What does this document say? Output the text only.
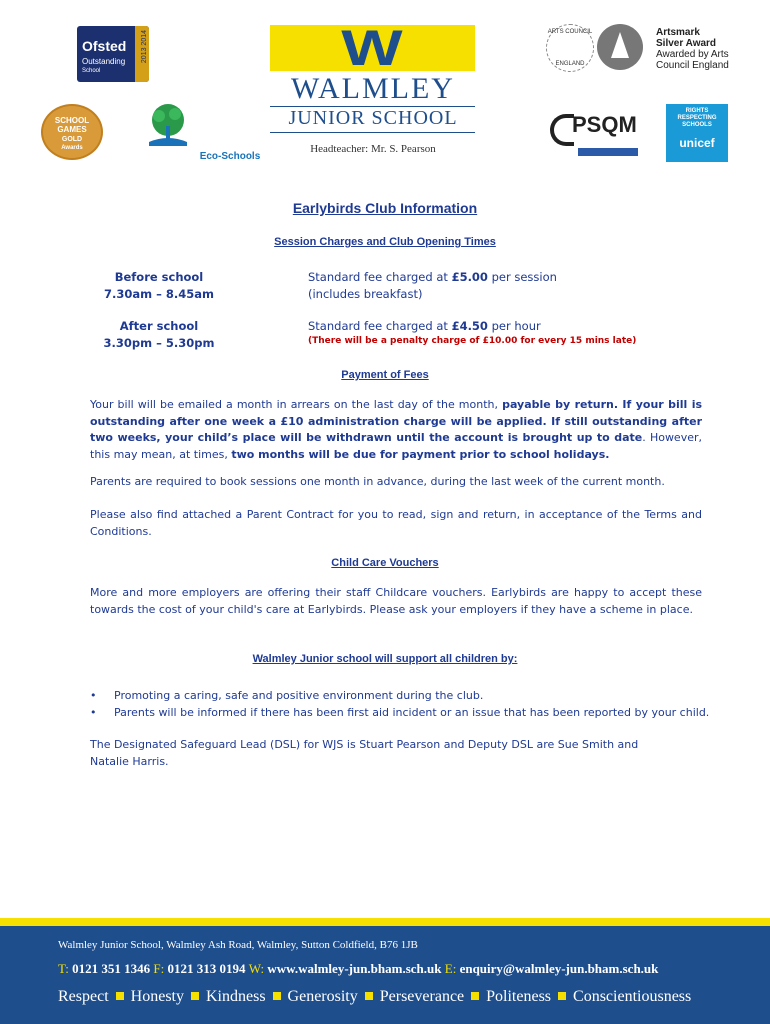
2013 2014
Ofsted
Outstanding
School
SCHOOL
GAMES
GOLD
Awards
Eco-Schools
W
WALMLEY
JUNIOR SCHOOL
Headteacher: Mr. S. Pearson
ARTS COUNCIL
ENGLAND
Artsmark
Silver Award
Awarded by Arts
Council England
PSQM
RIGHTS
RESPECTING
SCHOOLS
unicef
Earlybirds Club Information
Session Charges and Club Opening Times
Before school
7.30am – 8.45am
Standard fee charged at £5.00 per session
(includes breakfast)
After school
3.30pm – 5.30pm
Standard fee charged at £4.50 per hour
(There will be a penalty charge of £10.00 for every 15 mins late)
Payment of Fees
Your bill will be emailed a month in arrears on the last day of the month, payable by return. If your bill is outstanding after one week a £10 administration charge will be applied. If still outstanding after two weeks, your child’s place will be withdrawn until the account is brought up to date. However, this may mean, at times, two months will be due for payment prior to school holidays.
Parents are required to book sessions one month in advance, during the last week of the current month.
Please also find attached a Parent Contract for you to read, sign and return, in acceptance of the Terms and Conditions.
Child Care Vouchers
More and more employers are offering their staff Childcare vouchers. Earlybirds are happy to accept these towards the cost of your child's care at Earlybirds. Please ask your employers if they have a scheme in place.
Walmley Junior school will support all children by:
• Promoting a caring, safe and positive environment during the club.
• Parents will be informed if there has been first aid incident or an issue that has been reported by your child.
The Designated Safeguard Lead (DSL) for WJS is Stuart Pearson and Deputy DSL are Sue Smith and Natalie Harris.
Walmley Junior School, Walmley Ash Road, Walmley, Sutton Coldfield, B76 1JB
T: 0121 351 1346 F: 0121 313 0194 W: www.walmley-jun.bham.sch.uk E: enquiry@walmley-jun.bham.sch.uk
Respect Honesty Kindness Generosity Perseverance Politeness Conscientiousness
